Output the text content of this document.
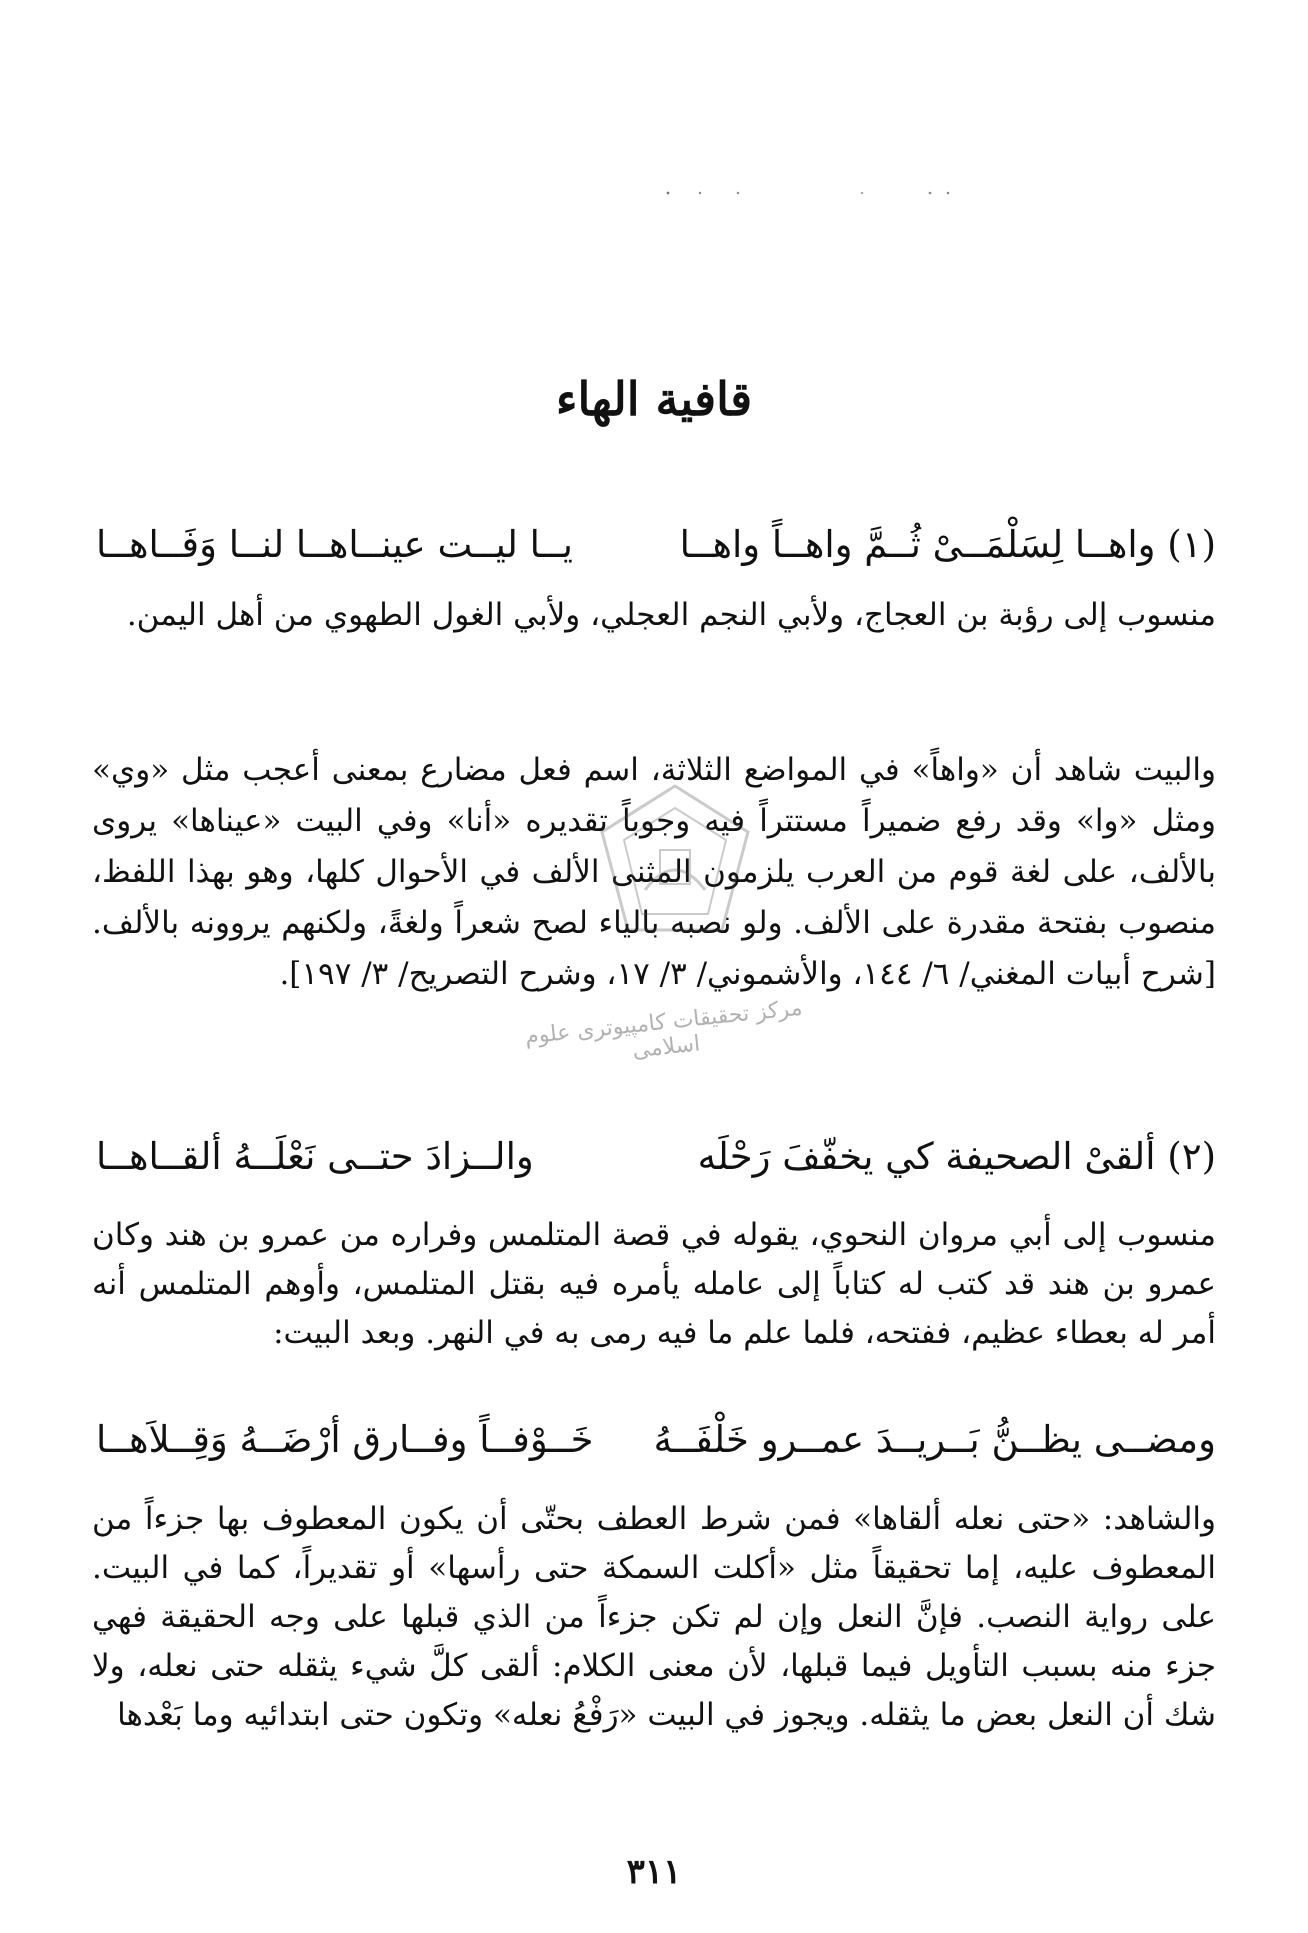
قافية الهاء
(١) واهــا لِسَلْمَــىْ ثُــمَّ واهــاً واهــا
يــا ليــت عينــاهــا لنــا وَفَــاهــا

منسوب إلى رؤبة بن العجاج، ولأبي النجم العجلي، ولأبي الغول الطهوي من أهل اليمن.

والبيت شاهد أن «واهاً» في المواضع الثلاثة، اسم فعل مضارع بمعنى أعجب مثل «وي» ومثل «وا» وقد رفع ضميراً مستتراً فيه وجوباً تقديره «أنا» وفي البيت «عيناها» يروى بالألف، على لغة قوم من العرب يلزمون المثنى الألف في الأحوال كلها، وهو بهذا اللفظ، منصوب بفتحة مقدرة على الألف. ولو نصبه بالياء لصح شعراً ولغةً، ولكنهم يروونه بالألف. [شرح أبيات المغني/ ٦/ ١٤٤، والأشموني/ ٣/ ١٧، وشرح التصريح/ ٣/ ١٩٧].

(٢) ألقىْ الصحيفة كي يخفّفَ رَحْلَه
والــزادَ حتــى نَعْلَــهُ ألقــاهــا

منسوب إلى أبي مروان النحوي، يقوله في قصة المتلمس وفراره من عمرو بن هند وكان عمرو بن هند قد كتب له كتاباً إلى عامله يأمره فيه بقتل المتلمس، وأوهم المتلمس أنه أمر له بعطاء عظيم، ففتحه، فلما علم ما فيه رمى به في النهر. وبعد البيت:

ومضــى يظــنُّ بَــريــدَ عمــرو خَلْفَــهُ
خَــوْفــاً وفــارق أرْضَــهُ وَقِــلاَهــا

والشاهد: «حتى نعله ألقاها» فمن شرط العطف بحتّى أن يكون المعطوف بها جزءاً من المعطوف عليه، إما تحقيقاً مثل «أكلت السمكة حتى رأسها» أو تقديراً، كما في البيت. على رواية النصب. فإنَّ النعل وإن لم تكن جزءاً من الذي قبلها على وجه الحقيقة فهي جزء منه بسبب التأويل فيما قبلها، لأن معنى الكلام: ألقى كلَّ شيء يثقله حتى نعله، ولا شك أن النعل بعض ما يثقله. ويجوز في البيت «رَفْعُ نعله» وتكون حتى ابتدائيه وما بَعْدها

مرکز تحقیقات کامپیوتری علوم اسلامی
٣١١
